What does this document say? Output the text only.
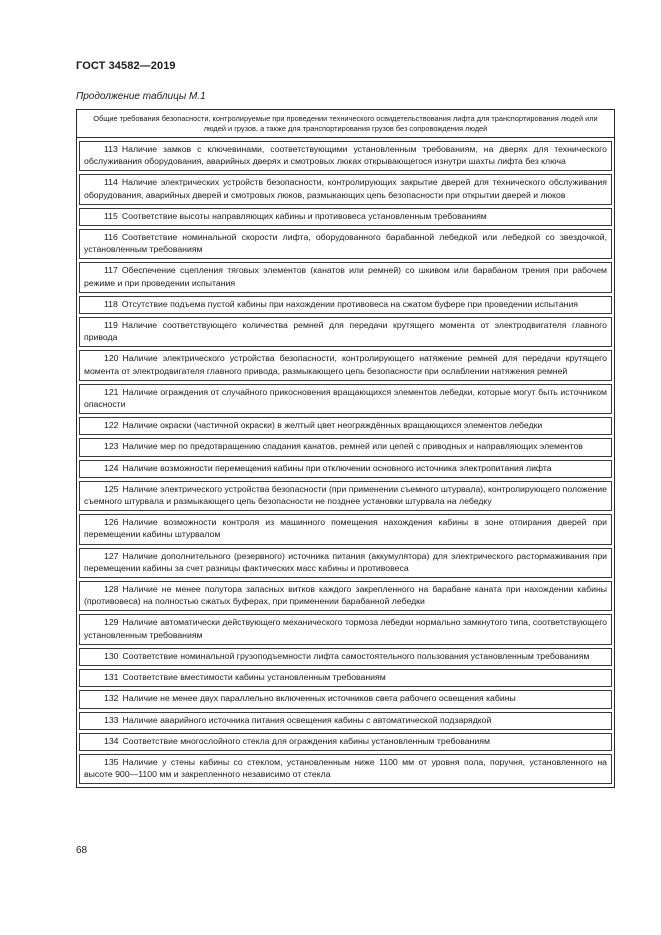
ГОСТ 34582—2019
Продолжение таблицы М.1
Общие требования безопасности, контролируемые при проведении технического освидетельствования лифта для транспортирования людей или людей и грузов, а также для транспортирования грузов без сопровождения людей
113 Наличие замков с ключевинами, соответствующими установленным требованиям, на дверях для технического обслуживания оборудования, аварийных дверях и смотровых люках открывающегося изнутри шахты лифта без ключа
114 Наличие электрических устройств безопасности, контролирующих закрытие дверей для технического обслуживания оборудования, аварийных дверей и смотровых люков, размыкающих цепь безопасности при открытии дверей и люков
115 Соответствие высоты направляющих кабины и противовеса установленным требованиям
116 Соответствие номинальной скорости лифта, оборудованного барабанной лебедкой или лебедкой со звездочкой, установленным требованиям
117 Обеспечение сцепления тяговых элементов (канатов или ремней) со шкивом или барабаном трения при рабочем режиме и при проведении испытания
118 Отсутствие подъема пустой кабины при нахождении противовеса на сжатом буфере при проведении испытания
119 Наличие соответствующего количества ремней для передачи крутящего момента от электродвигателя главного привода
120 Наличие электрического устройства безопасности, контролирующего натяжение ремней для передачи крутящего момента от электродвигателя главного привода, размыкающего цепь безопасности при ослаблении натяжения ремней
121 Наличие ограждения от случайного прикосновения вращающихся элементов лебедки, которые могут быть источником опасности
122 Наличие окраски (частичной окраски) в желтый цвет неограждённых вращающихся элементов лебедки
123 Наличие мер по предотвращению спадания канатов, ремней или цепей с приводных и направляющих элементов
124 Наличие возможности перемещения кабины при отключении основного источника электропитания лифта
125 Наличие электрического устройства безопасности (при применении съемного штурвала), контролирующего положение съемного штурвала и размыкающего цепь безопасности не позднее установки штурвала на лебедку
126 Наличие возможности контроля из машинного помещения нахождения кабины в зоне отпирания дверей при перемещении кабины штурвалом
127 Наличие дополнительного (резервного) источника питания (аккумулятора) для электрического растормаживания при перемещении кабины за счет разницы фактических масс кабины и противовеса
128 Наличие не менее полутора запасных витков каждого закрепленного на барабане каната при нахождении кабины (противовеса) на полностью сжатых буферах, при применении барабанной лебедки
129 Наличие автоматически действующего механического тормоза лебедки нормально замкнутого типа, соответствующего установленным требованиям
130 Соответствие номинальной грузоподъемности лифта самостоятельного пользования установленным требованиям
131 Соответствие вместимости кабины установленным требованиям
132 Наличие не менее двух параллельно включенных источников света рабочего освещения кабины
133 Наличие аварийного источника питания освещения кабины с автоматической подзарядкой
134 Соответствие многослойного стекла для ограждения кабины установленным требованиям
135 Наличие у стены кабины со стеклом, установленным ниже 1100 мм от уровня пола, поручня, установленного на высоте 900—1100 мм и закрепленного независимо от стекла
68
